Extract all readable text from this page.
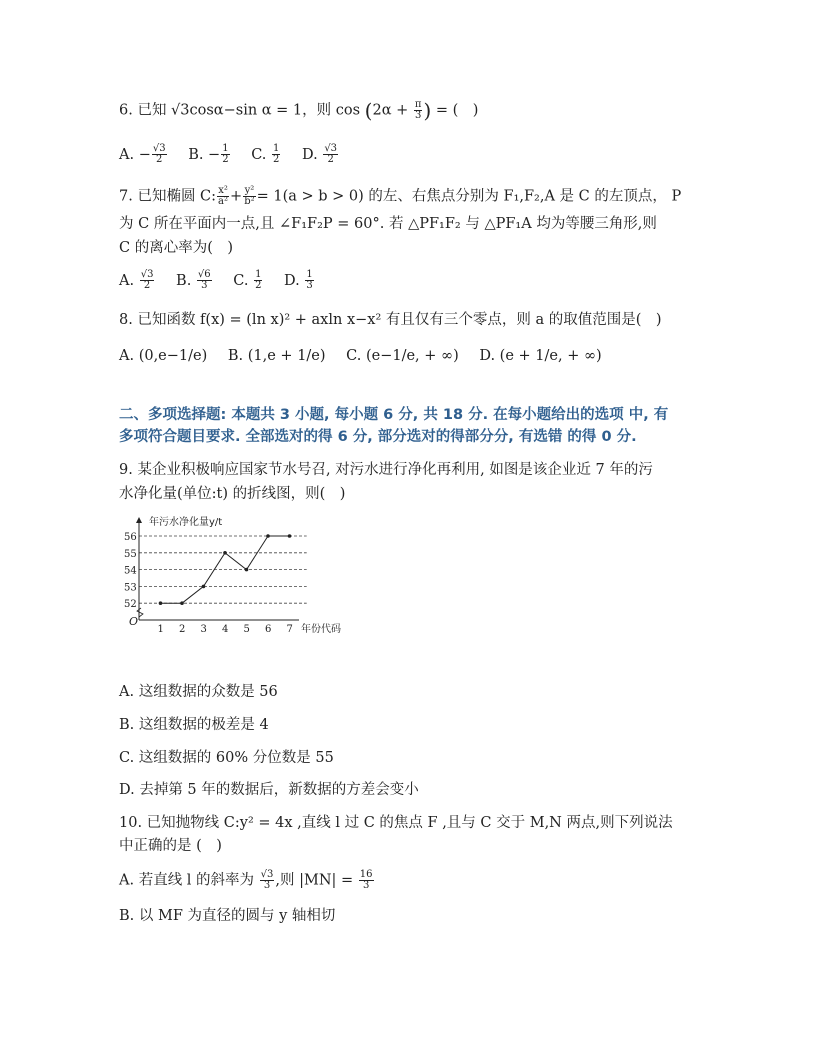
6. 已知 √3cosα−sin α = 1，则 $\cos (2\alpha + \frac{\pi}{3}$ ) = (　)
A. − $\frac{√3}{2} B$. − $\frac{1}{2} C$. $\frac{1}{2} D$. $\frac{√3}{2}$
7. 已知椭圆 C: $\frac{\text{x²}}{\text{a²}} + \frac{\text{y²}}{\text{b²}} = 1(a > b > 0)$ 的左、右焦点分别为 F₁,F₂,A 是 C 的左顶点， P
为 C 所在平面内一点,且 ∠F₁F₂P = 60°. 若 △PF₁F₂ 与 △PF₁A 均为等腰三角形,则
C 的离心率为(　)
A. $\frac{√3}{2} B$. $\frac{√6}{3} C$. $\frac{1}{2} D$. $\frac{1}{3}$
8. 已知函数 f(x) = (ln x)² + axln x−x² 有且仅有三个零点，则 a 的取值范围是(　)
A. (0,e−1/e) B. (1,e + 1/e) C. (e−1/e, + ∞) D. (e + 1/e, + ∞)
二、多项选择题: 本题共 3 小题, 每小题 6 分, 共 18 分. 在每小题给出的选项 中, 有
多项符合题目要求. 全部选对的得 6 分, 部分选对的得部分分, 有选错 的得 0 分.
9. 某企业积极响应国家节水号召, 对污水进行净化再利用, 如图是该企业近 7 年的污
水净化量(单位:t) 的折线图，则(　)
52
53
54
55
56
1 2 3 4 5 6 7
年污水净化量y/t
年份代码
O
A. 这组数据的众数是 56
B. 这组数据的极差是 4
C. 这组数据的 60% 分位数是 55
D. 去掉第 5 年的数据后，新数据的方差会变小
10. 已知抛物线 C:y² = 4x ,直线 l 过 C 的焦点 F ,且与 C 交于 M,N 两点,则下列说法
中正确的是 (　)
A. 若直线 l 的斜率为 $\frac{√3}{3}$ ,则 $|MN| = \frac{16}{3}$
B. 以 MF 为直径的圆与 y 轴相切
